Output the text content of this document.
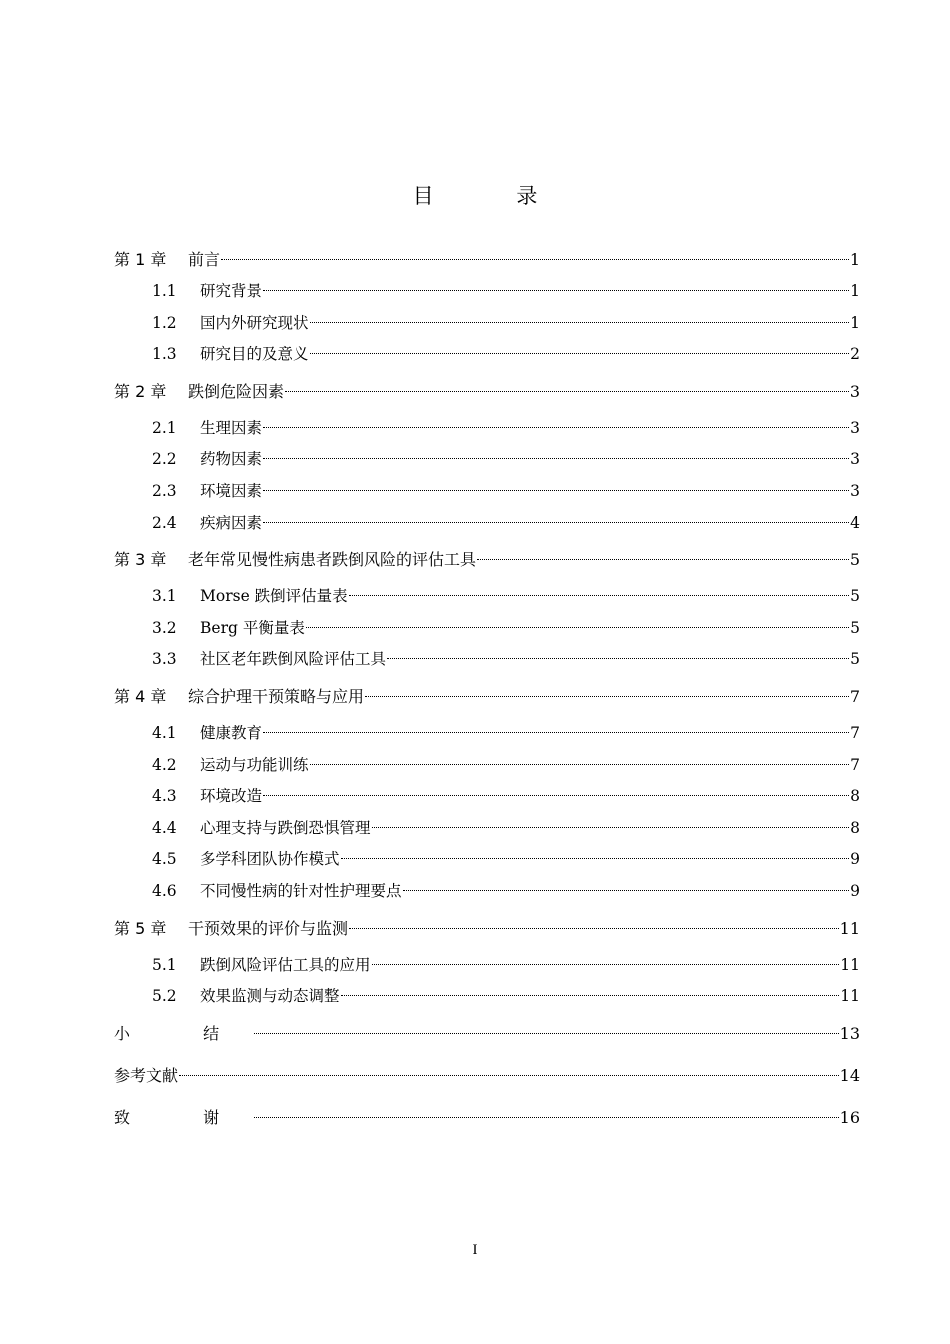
目 录
第 1 章	前言	1
1.1	研究背景	1
1.2	国内外研究现状	1
1.3	研究目的及意义	2
第 2 章	跌倒危险因素	3
2.1	生理因素	3
2.2	药物因素	3
2.3	环境因素	3
2.4	疾病因素	4
第 3 章	老年常见慢性病患者跌倒风险的评估工具	5
3.1	Morse 跌倒评估量表	5
3.2	Berg 平衡量表	5
3.3	社区老年跌倒风险评估工具	5
第 4 章	综合护理干预策略与应用	7
4.1	健康教育	7
4.2	运动与功能训练	7
4.3	环境改造	8
4.4	心理支持与跌倒恐惧管理	8
4.5	多学科团队协作模式	9
4.6	不同慢性病的针对性护理要点	9
第 5 章	干预效果的评价与监测	11
5.1	跌倒风险评估工具的应用	11
5.2	效果监测与动态调整	11
小 结	13
参考文献	14
致 谢	16
I
